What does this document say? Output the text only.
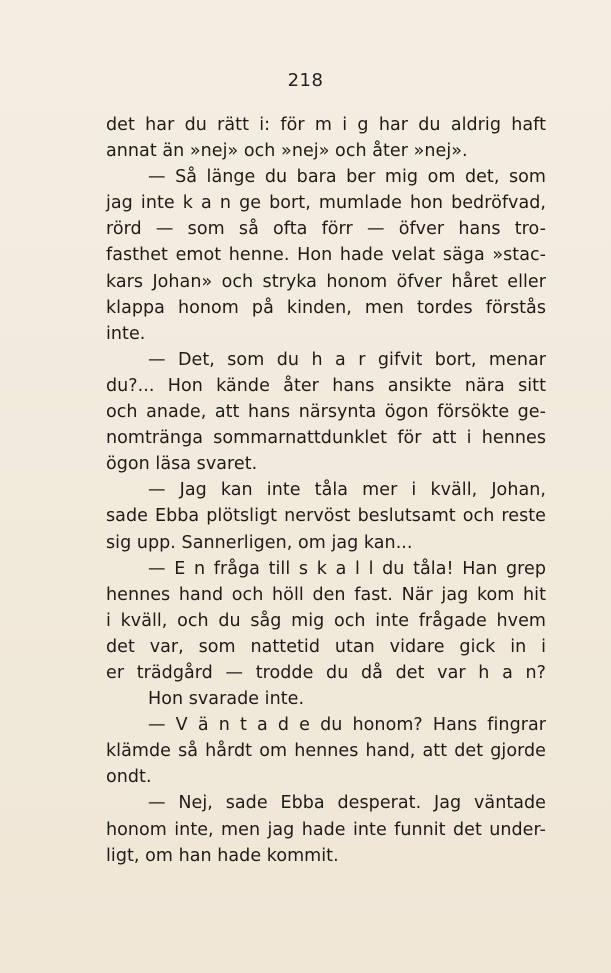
218
det har du rätt i: för m i g har du aldrig haft
annat än »nej» och »nej» och åter »nej».
— Så länge du bara ber mig om det, som
jag inte k a n ge bort, mumlade hon bedröfvad,
rörd — som så ofta förr — öfver hans tro-
fasthet emot henne. Hon hade velat säga »stac-
kars Johan» och stryka honom öfver håret eller
klappa honom på kinden, men tordes förstås
inte.
— Det, som du h a r gifvit bort, menar
du?... Hon kände åter hans ansikte nära sitt
och anade, att hans närsynta ögon försökte ge-
nomtränga sommarnattdunklet för att i hennes
ögon läsa svaret.
— Jag kan inte tåla mer i kväll, Johan,
sade Ebba plötsligt nervöst beslutsamt och reste
sig upp. Sannerligen, om jag kan...
— E n fråga till s k a l l du tåla! Han grep
hennes hand och höll den fast. När jag kom hit
i kväll, och du såg mig och inte frågade hvem
det var, som nattetid utan vidare gick in i
er trädgård — trodde du då det var h a n?
Hon svarade inte.
— V ä n t a d e du honom? Hans fingrar
klämde så hårdt om hennes hand, att det gjorde
ondt.
— Nej, sade Ebba desperat. Jag väntade
honom inte, men jag hade inte funnit det under-
ligt, om han hade kommit.
